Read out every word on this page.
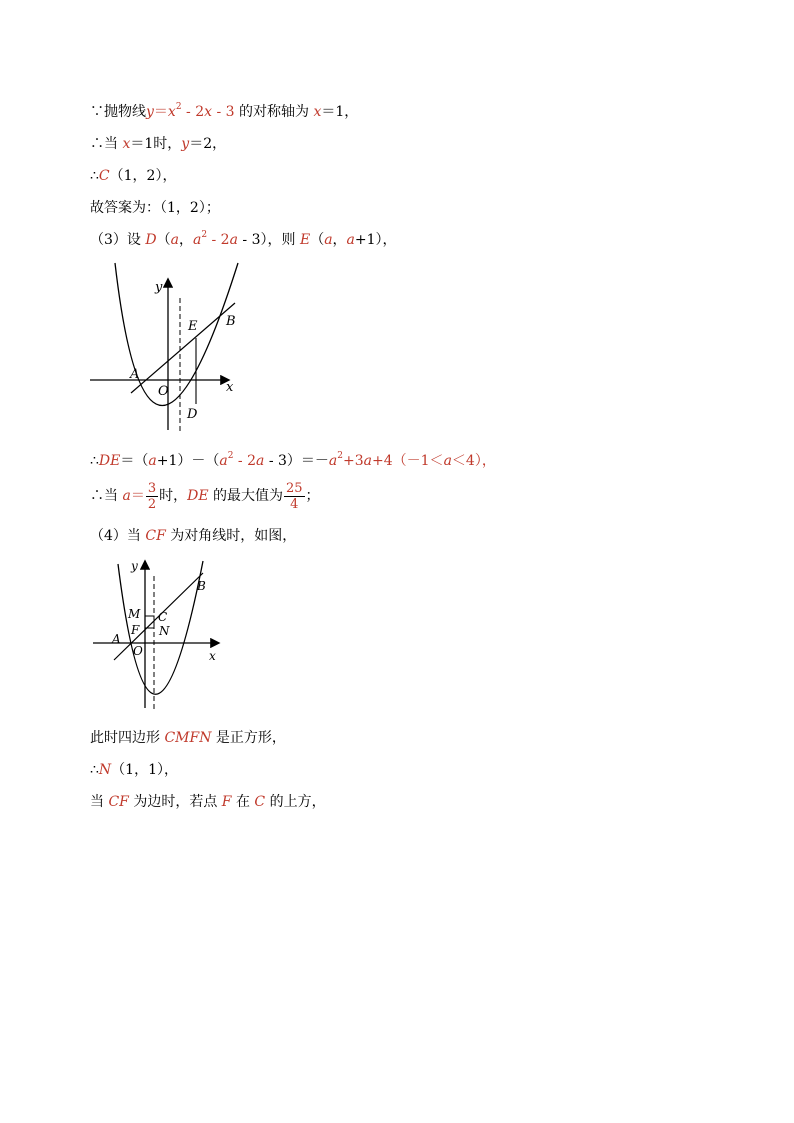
∵抛物线$y=x^2 - 2x - 3$ 的对称轴为 x＝1，
∴当 x＝1时，y＝2，
∴C（1，2），
故答案为：（1，2）；
（3）设 D（a，$a^2 - 2a - 3$），则 E（a，a+1），
y
x
O
A
B
E
D
$\therefore DE=(a+1)-(a^2 - 2a - 3)=-a^2+3a+4(-1<a<4)$，
∴当 $a= \frac{3}{2}$ 时，DE 的最大值为 $\frac{25}{4}$ ；
（4）当 CF 为对角线时，如图，
y
x
O
A
B
M C
F N
此时四边形 CMFN 是正方形，
∴N（1，1），
当 CF 为边时，若点 F 在 C 的上方，
